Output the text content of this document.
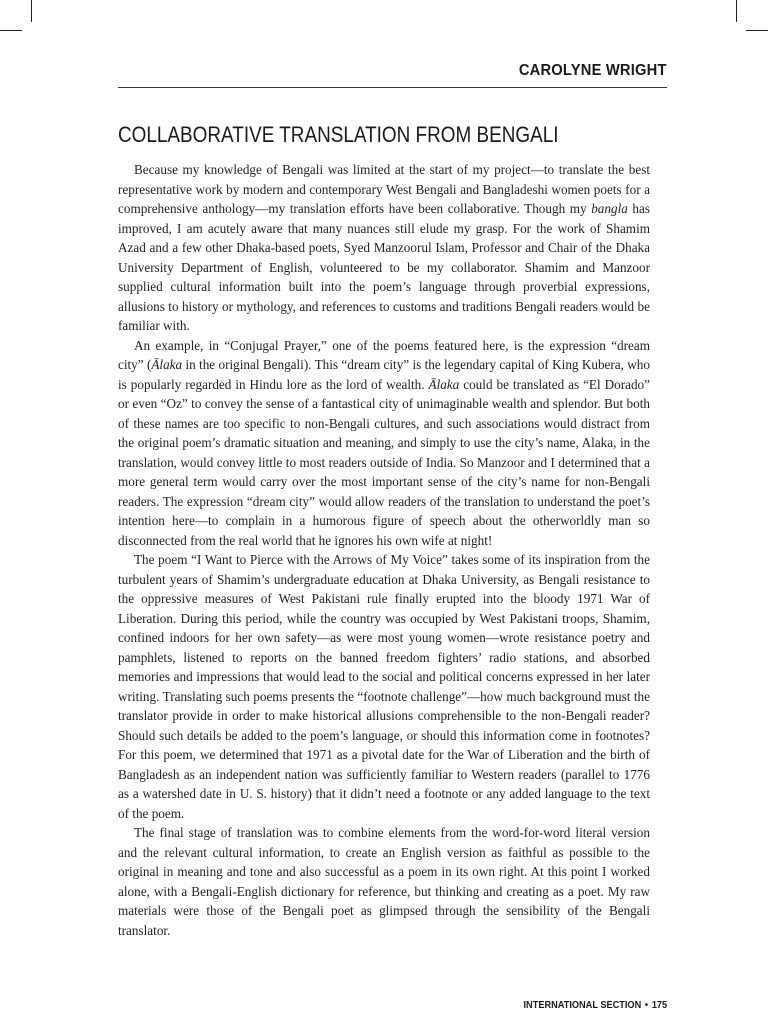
CAROLYNE WRIGHT
COLLABORATIVE TRANSLATION FROM BENGALI

Because my knowledge of Bengali was limited at the start of my project—to translate the best representative work by modern and contemporary West Bengali and Bangladeshi women poets for a comprehensive anthology—my translation efforts have been collaborative. Though my bangla has improved, I am acutely aware that many nuances still elude my grasp. For the work of Shamim Azad and a few other Dhaka-based poets, Syed Manzoorul Islam, Professor and Chair of the Dhaka University Department of English, volunteered to be my collaborator. Shamim and Manzoor supplied cultural information built into the poem’s language through proverbial expressions, allusions to history or mythology, and references to customs and traditions Bengali readers would be familiar with.

An example, in “Conjugal Prayer,” one of the poems featured here, is the expression “dream city” (Ālaka in the original Bengali). This “dream city” is the legendary capital of King Kubera, who is popularly regarded in Hindu lore as the lord of wealth. Ālaka could be translated as “El Dorado” or even “Oz” to convey the sense of a fantastical city of unimaginable wealth and splendor. But both of these names are too specific to non-Bengali cultures, and such associations would distract from the original poem’s dramatic situation and meaning, and simply to use the city’s name, Alaka, in the translation, would convey little to most readers outside of India. So Manzoor and I determined that a more general term would carry over the most important sense of the city’s name for non-Bengali readers. The expression “dream city” would allow readers of the translation to understand the poet’s intention here—to complain in a humorous figure of speech about the otherworldly man so disconnected from the real world that he ignores his own wife at night!

The poem “I Want to Pierce with the Arrows of My Voice” takes some of its inspiration from the turbulent years of Shamim’s undergraduate education at Dhaka University, as Bengali resistance to the oppressive measures of West Pakistani rule finally erupted into the bloody 1971 War of Liberation. During this period, while the country was occupied by West Pakistani troops, Shamim, confined indoors for her own safety—as were most young women—wrote resistance poetry and pamphlets, listened to reports on the banned freedom fighters’ radio stations, and absorbed memories and impressions that would lead to the social and political concerns expressed in her later writing. Translating such poems presents the “footnote challenge”—how much background must the translator provide in order to make historical allusions comprehensible to the non-Bengali reader? Should such details be added to the poem’s language, or should this information come in footnotes? For this poem, we determined that 1971 as a pivotal date for the War of Liberation and the birth of Bangladesh as an independent nation was sufficiently familiar to Western readers (parallel to 1776 as a watershed date in U. S. history) that it didn’t need a footnote or any added language to the text of the poem.

The final stage of translation was to combine elements from the word-for-word literal version and the relevant cultural information, to create an English version as faithful as possible to the original in meaning and tone and also successful as a poem in its own right. At this point I worked alone, with a Bengali-English dictionary for reference, but thinking and creating as a poet. My raw materials were those of the Bengali poet as glimpsed through the sensibility of the Bengali translator.

INTERNATIONAL SECTION • 175
